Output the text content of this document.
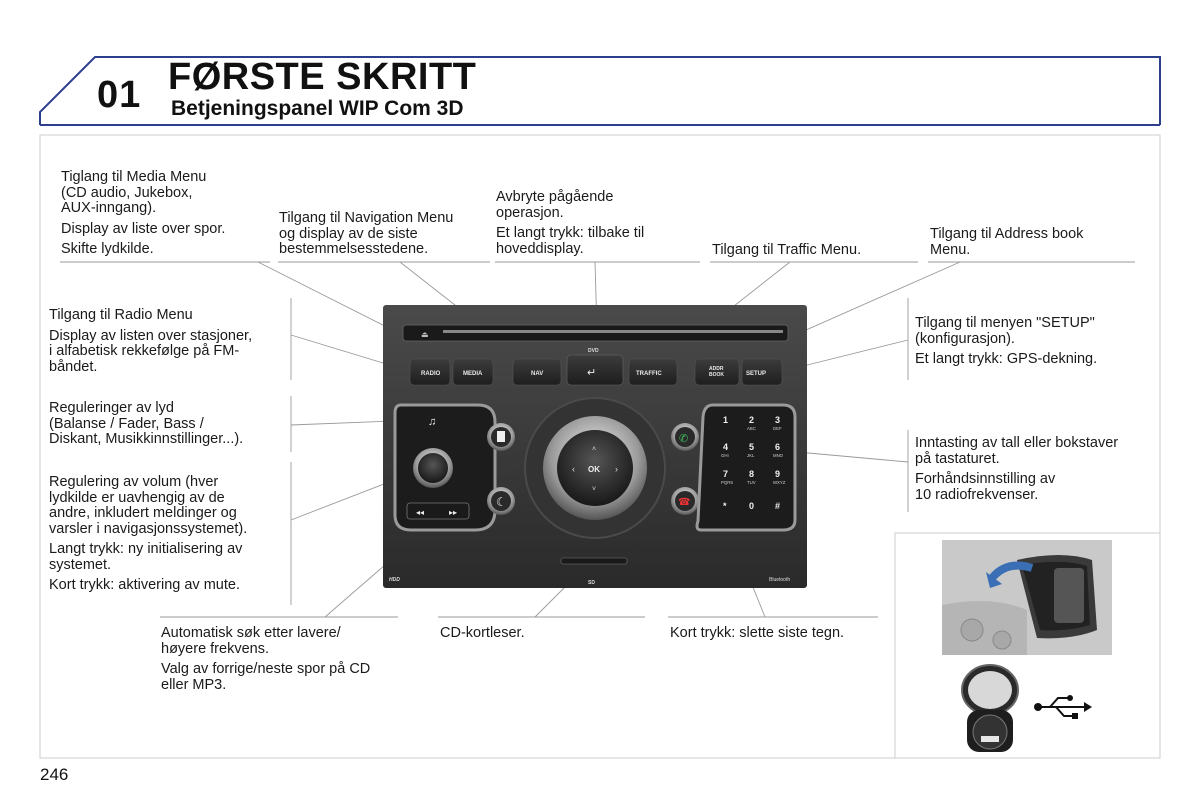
01 FØRSTE SKRITT
Betjeningspanel WIP Com 3D

Tiglang til Media Menu
(CD audio, Jukebox,
AUX-inngang).

Display av liste over spor.

Skifte lydkilde.

Tilgang til Navigation Menu
og display av de siste
bestemmelsesstedene.

Avbryte pågående
operasjon.

Et langt trykk: tilbake til
hoveddisplay.	Tilgang til Traffic Menu.

Tilgang til Address book
Menu.

Tilgang til Radio Menu

Display av listen over stasjoner,
i alfabetisk rekkefølge på FM-
båndet.

Tilgang til menyen "SETUP"
(konfigurasjon).

Et langt trykk: GPS-dekning.

Reguleringer av lyd
(Balanse / Fader, Bass /
Diskant, Musikkinnstillinger...).	Inntasting av tall eller bokstaver
på tastaturet.

Forhåndsinnstilling av
10 radiofrekvenser.

Regulering av volum (hver
lydkilde er uavhengig av de
andre, inkludert meldinger og
varsler i navigasjonssystemet).

Langt trykk: ny initialisering av
systemet.

Kort trykk: aktivering av mute.

Automatisk søk etter lavere/
høyere frekvens.

Valg av forrige/neste spor på CD
eller MP3.

CD-kortleser.	Kort trykk: slette siste tegn.

⏏
DVD
RADIO	MEDIA	NAV	↵	TRAFFIC
ADDR
BOOK	SETUP
♫
◂◂	▸▸
☾
˄
˅
‹	›
OK
✆
☎
1 2
ABC
3
DEF
4
GHI
5
JKL
6
MNO
7
PQRS
8
TUV
9
WXYZ
* 0 #
SD
HDD	Bluetooth
246
